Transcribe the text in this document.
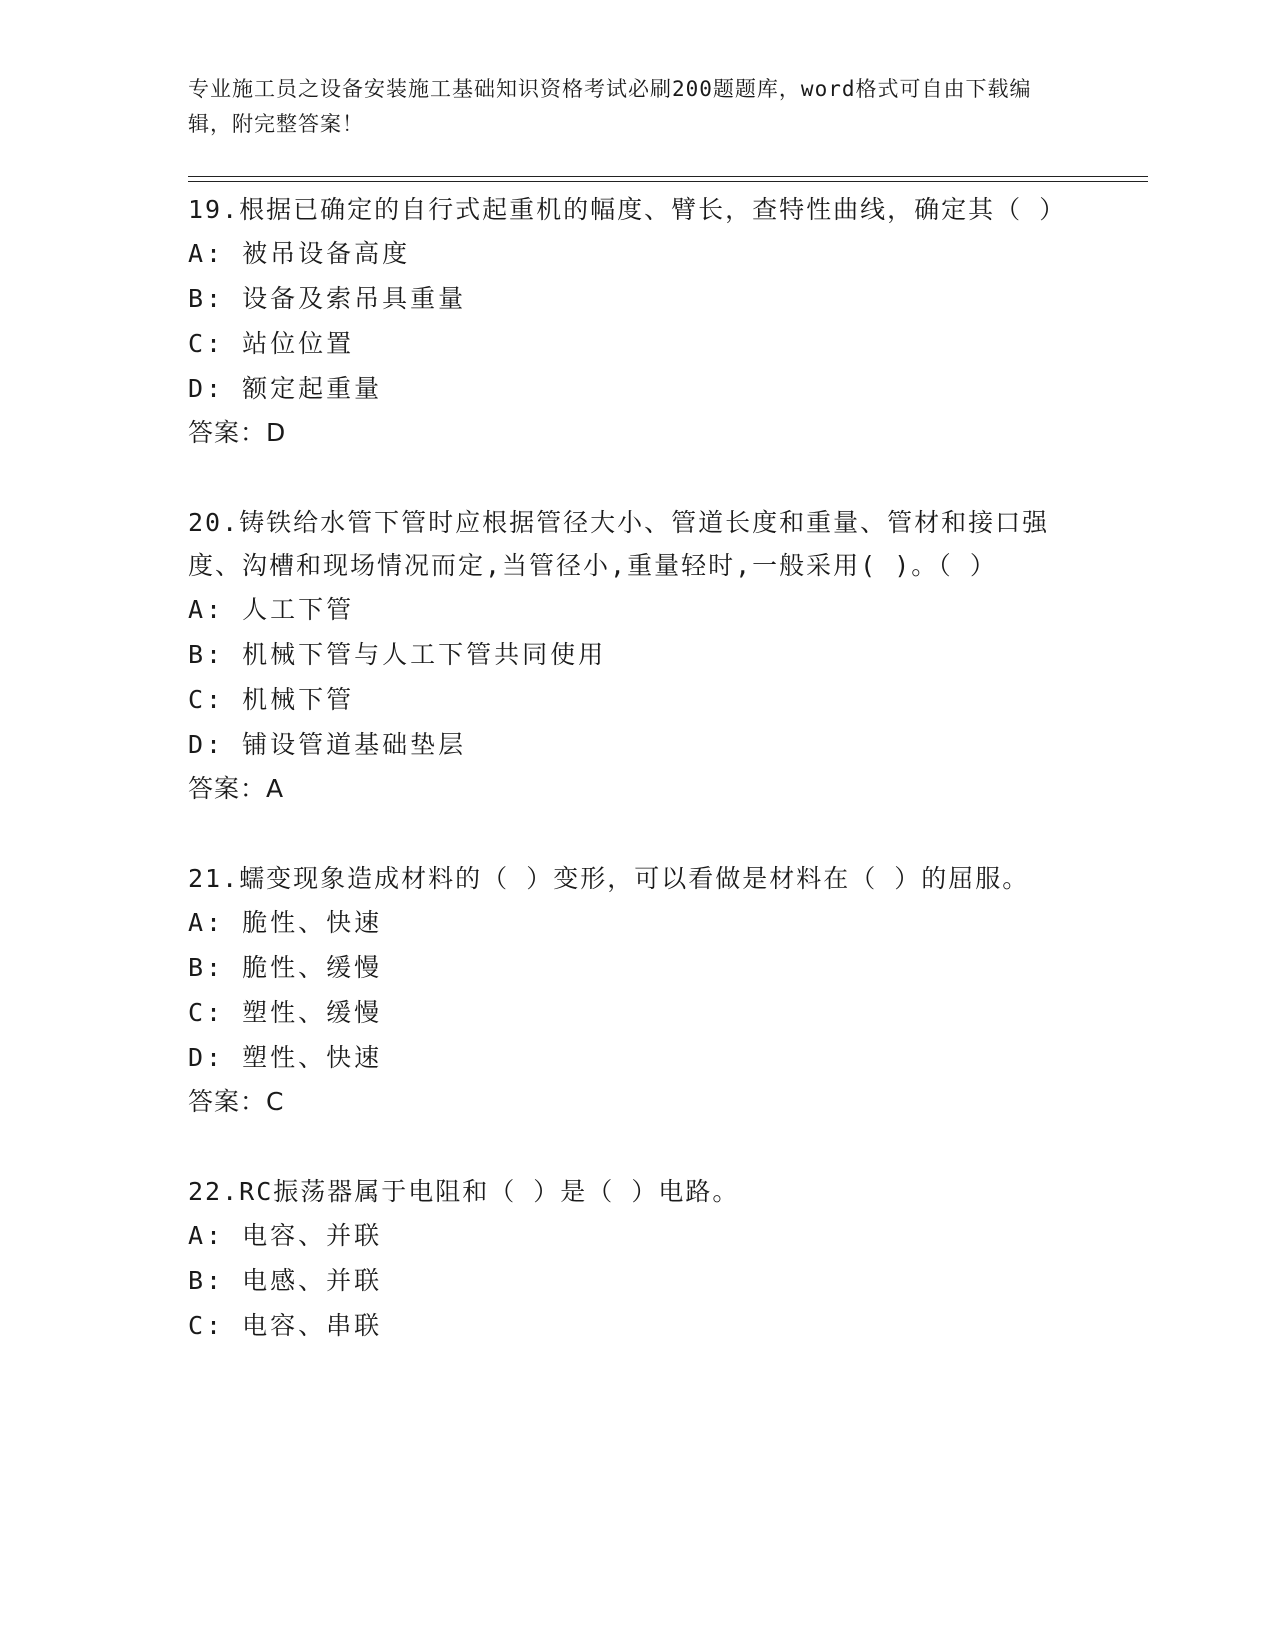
专业施工员之设备安装施工基础知识资格考试必刷200题题库，word格式可自由下载编辑，附完整答案！

19.根据已确定的自行式起重机的幅度、臂长，查特性曲线，确定其（ ）

A: 被吊设备高度
B: 设备及索吊具重量
C: 站位位置
D: 额定起重量
答案：D

20.铸铁给水管下管时应根据管径大小、管道长度和重量、管材和接口强度、沟槽和现场情况而定,当管径小,重量轻时,一般采用( )。（ ）

A: 人工下管
B: 机械下管与人工下管共同使用
C: 机械下管
D: 铺设管道基础垫层
答案：A

21.蠕变现象造成材料的（ ）变形，可以看做是材料在（ ）的屈服。

A: 脆性、快速
B: 脆性、缓慢
C: 塑性、缓慢
D: 塑性、快速
答案：C

22.RC振荡器属于电阻和（ ）是（ ）电路。

A: 电容、并联
B: 电感、并联
C: 电容、串联
